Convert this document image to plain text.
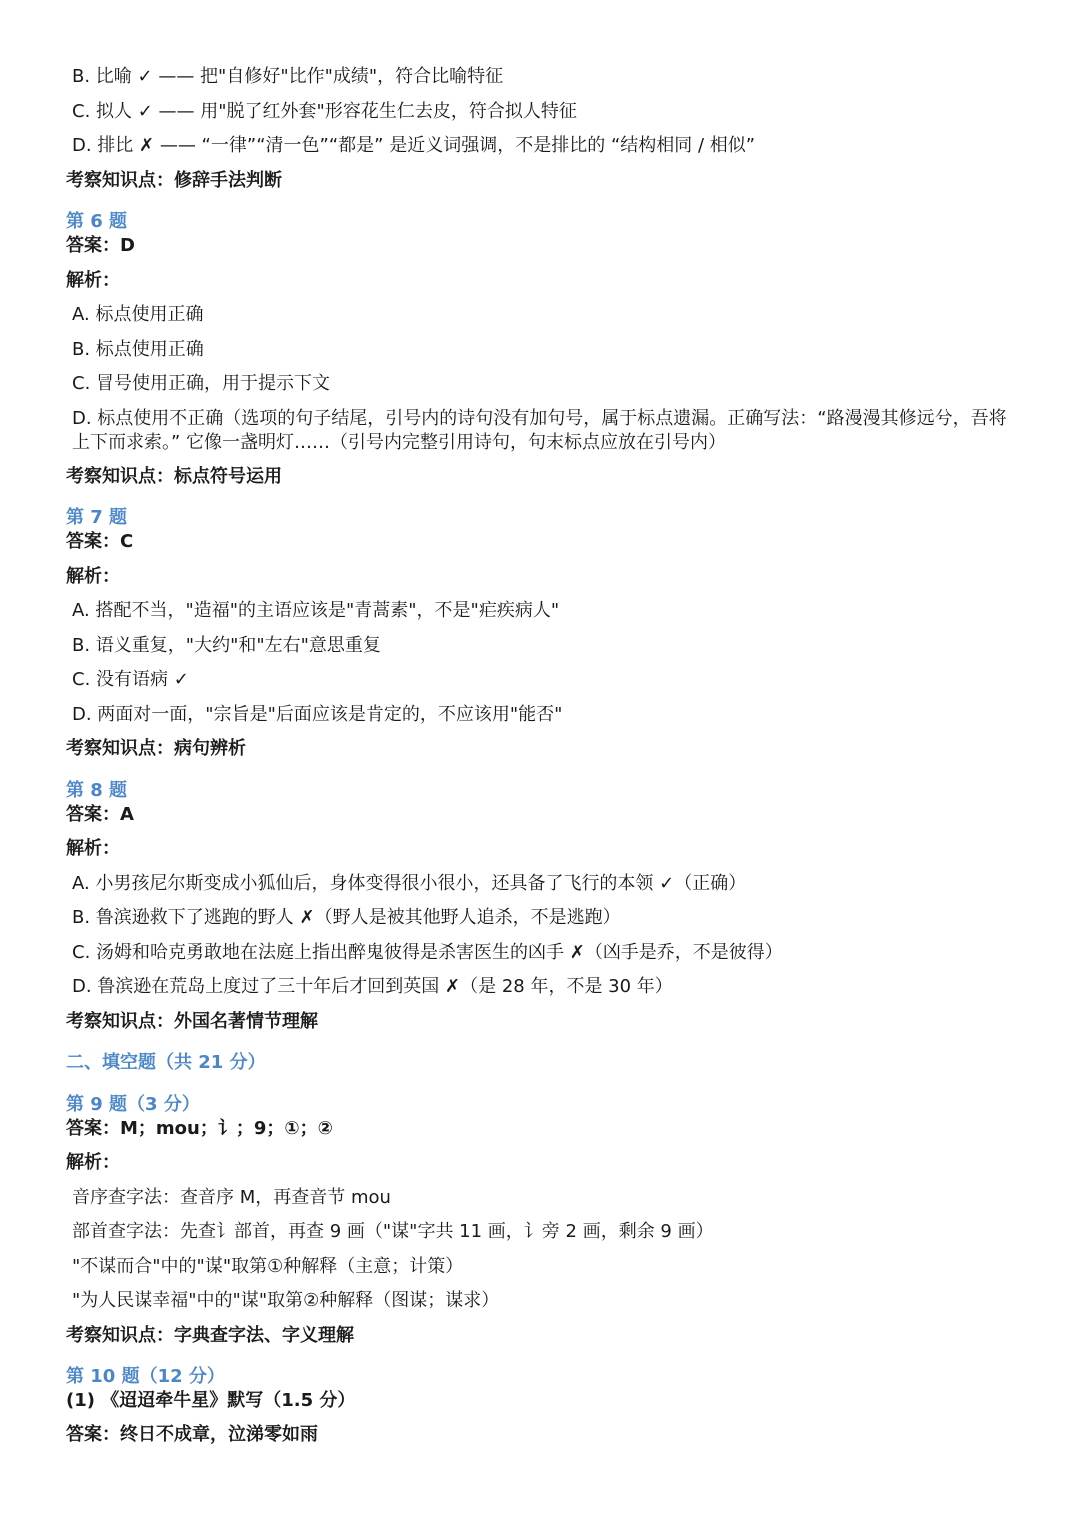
B. 比喻 ✓ —— 把"自修好"比作"成绩"，符合比喻特征
C. 拟人 ✓ —— 用"脱了红外套"形容花生仁去皮，符合拟人特征
D. 排比 ✗ —— “一律”“清一色”“都是” 是近义词强调，不是排比的 “结构相同 / 相似”
考察知识点：修辞手法判断
第 6 题
答案：D
解析：
A. 标点使用正确
B. 标点使用正确
C. 冒号使用正确，用于提示下文
D. 标点使用不正确（选项的句子结尾，引号内的诗句没有加句号，属于标点遗漏。正确写法：“路漫漫其修远兮，吾将上下而求索。” 它像一盏明灯……（引号内完整引用诗句，句末标点应放在引号内）
考察知识点：标点符号运用
第 7 题
答案：C
解析：
A. 搭配不当，"造福"的主语应该是"青蒿素"，不是"疟疾病人"
B. 语义重复，"大约"和"左右"意思重复
C. 没有语病 ✓
D. 两面对一面，"宗旨是"后面应该是肯定的，不应该用"能否"
考察知识点：病句辨析
第 8 题
答案：A
解析：
A. 小男孩尼尔斯变成小狐仙后，身体变得很小很小，还具备了飞行的本领 ✓（正确）
B. 鲁滨逊救下了逃跑的野人 ✗（野人是被其他野人追杀，不是逃跑）
C. 汤姆和哈克勇敢地在法庭上指出醉鬼彼得是杀害医生的凶手 ✗（凶手是乔，不是彼得）
D. 鲁滨逊在荒岛上度过了三十年后才回到英国 ✗（是 28 年，不是 30 年）
考察知识点：外国名著情节理解
二、填空题（共 21 分）
第 9 题（3 分）
答案：M；mou；讠；9；①；②
解析：
音序查字法：查音序 M，再查音节 mou
部首查字法：先查讠部首，再查 9 画（"谋"字共 11 画，讠旁 2 画，剩余 9 画）
"不谋而合"中的"谋"取第①种解释（主意；计策）
"为人民谋幸福"中的"谋"取第②种解释（图谋；谋求）
考察知识点：字典查字法、字义理解
第 10 题（12 分）
(1) 《迢迢牵牛星》默写（1.5 分）
答案：终日不成章，泣涕零如雨
